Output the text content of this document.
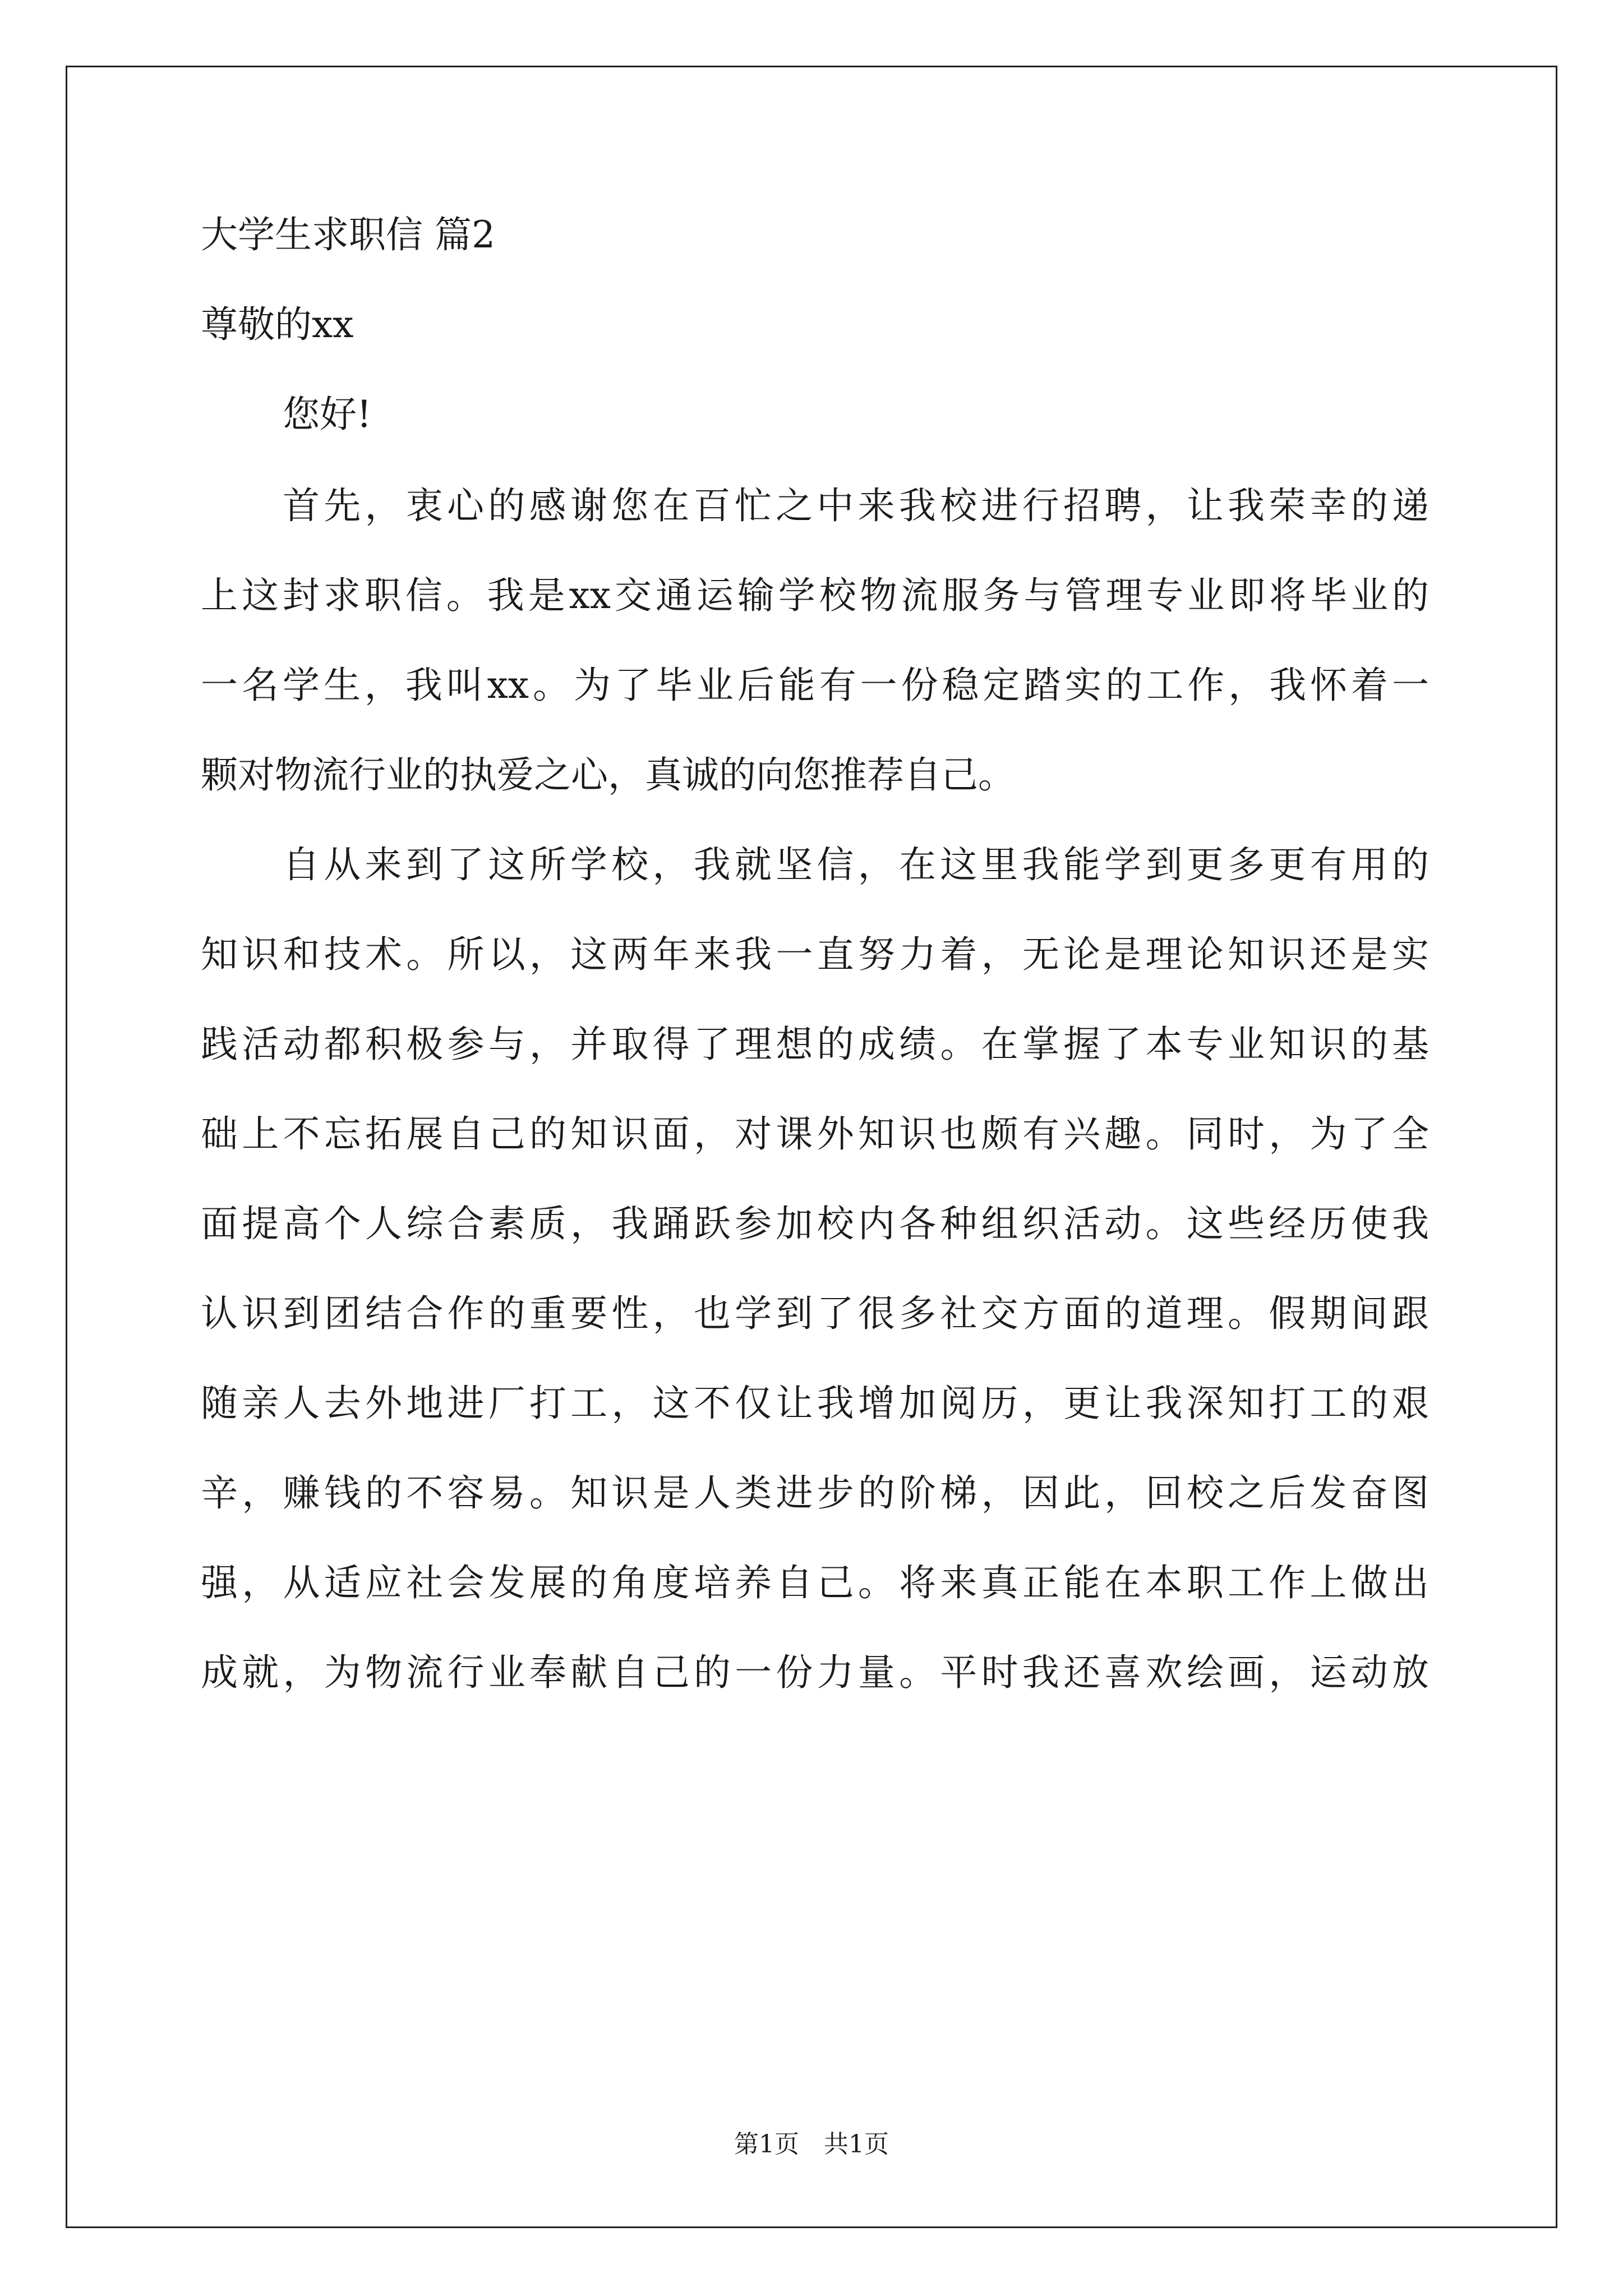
大学生求职信 篇2

尊敬的xx

您好!

首先，衷心的感谢您在百忙之中来我校进行招聘，让我荣幸的递
上这封求职信。我是xx交通运输学校物流服务与管理专业即将毕业的
一名学生，我叫xx。为了毕业后能有一份稳定踏实的工作，我怀着一
颗对物流行业的执爱之心，真诚的向您推荐自己。
自从来到了这所学校，我就坚信，在这里我能学到更多更有用的
知识和技术。所以，这两年来我一直努力着，无论是理论知识还是实
践活动都积极参与，并取得了理想的成绩。在掌握了本专业知识的基
础上不忘拓展自己的知识面，对课外知识也颇有兴趣。同时，为了全
面提高个人综合素质，我踊跃参加校内各种组织活动。这些经历使我
认识到团结合作的重要性，也学到了很多社交方面的道理。假期间跟
随亲人去外地进厂打工，这不仅让我增加阅历，更让我深知打工的艰
辛，赚钱的不容易。知识是人类进步的阶梯，因此，回校之后发奋图
强，从适应社会发展的角度培养自己。将来真正能在本职工作上做出
成就，为物流行业奉献自己的一份力量。平时我还喜欢绘画，运动放
第1页　共1页
